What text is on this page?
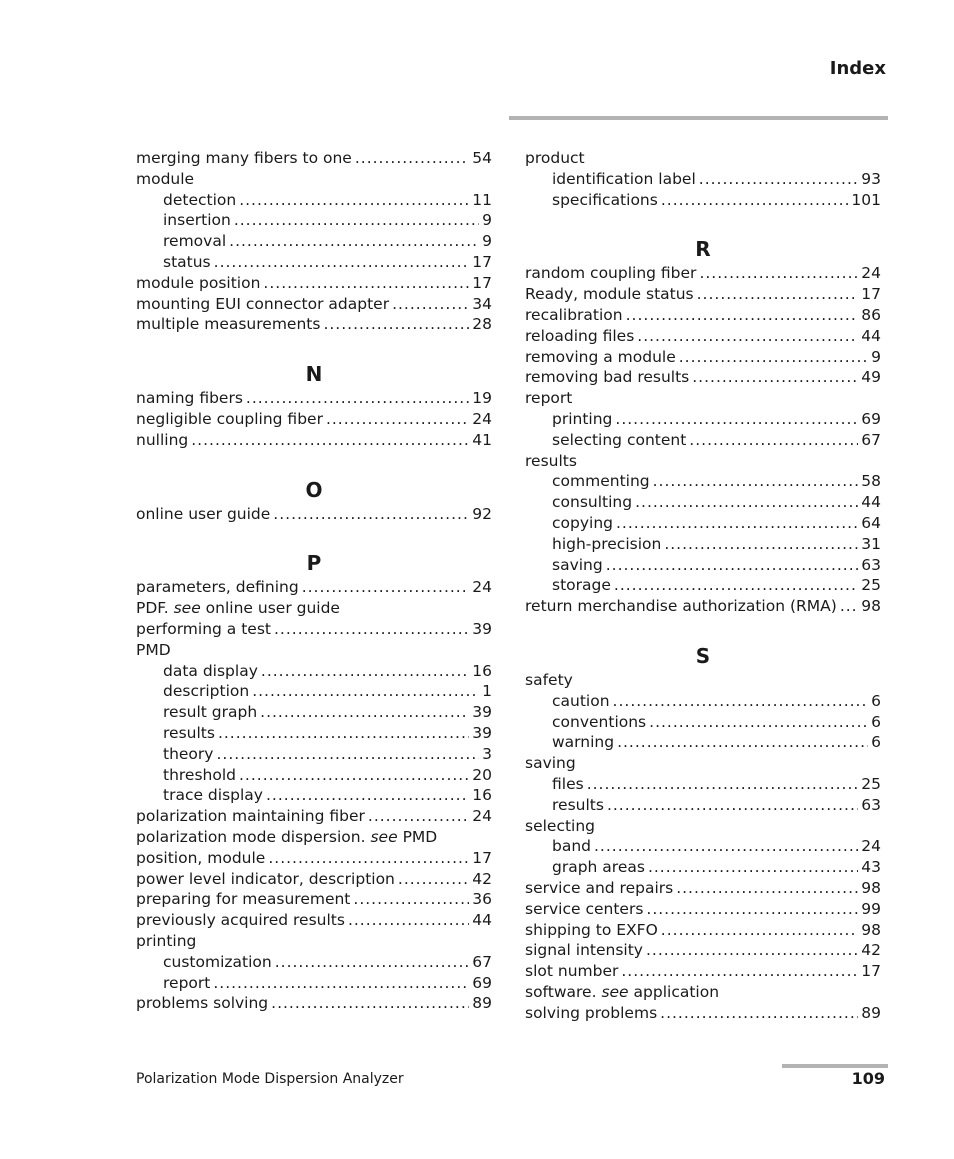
Index
merging many fibers to one .....	54
module
detection .....	11
insertion .....	9
removal .....	9
status .....	17
module position .....	17
mounting EUI connector adapter .....	34
multiple measurements .....	28
N
naming fibers .....	19
negligible coupling fiber .....	24
nulling .....	41
O
online user guide .....	92
P
parameters, defining .....	24
PDF. see online user guide
performing a test .....	39
PMD
data display .....	16
description .....	1
result graph .....	39
results .....	39
theory .....	3
threshold .....	20
trace display .....	16
polarization maintaining fiber .....	24
polarization mode dispersion. see PMD
position, module .....	17
power level indicator, description .....	42
preparing for measurement .....	36
previously acquired results .....	44
printing
customization .....	67
report .....	69
problems solving .....	89
product
identification label .....	93
specifications .....	101
R
random coupling fiber .....	24
Ready, module status .....	17
recalibration .....	86
reloading files .....	44
removing a module .....	9
removing bad results .....	49
report
printing .....	69
selecting content .....	67
results
commenting .....	58
consulting .....	44
copying .....	64
high-precision .....	31
saving .....	63
storage .....	25
return merchandise authorization (RMA) ..... 98
S
safety
caution .....	6
conventions .....	6
warning .....	6
saving
files .....	25
results .....	63
selecting
band .....	24
graph areas .....	43
service and repairs .....	98
service centers .....	99
shipping to EXFO .....	98
signal intensity .....	42
slot number .....	17
software. see application
solving problems .....	89
Polarization Mode Dispersion Analyzer	109
